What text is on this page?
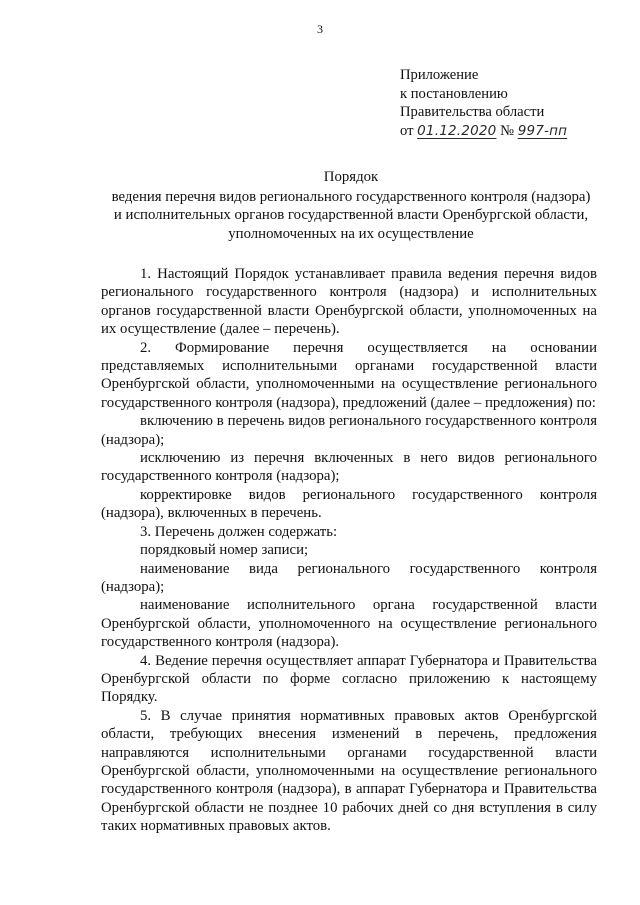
3
Приложение
к постановлению
Правительства области
от 01.12.2020 № 997-пп
Порядок
ведения перечня видов регионального государственного контроля (надзора)
и исполнительных органов государственной власти Оренбургской области,
уполномоченных на их осуществление

1. Настоящий Порядок устанавливает правила ведения перечня видов регионального государственного контроля (надзора) и исполнительных органов государственной власти Оренбургской области, уполномоченных на их осуществление (далее – перечень).

2. Формирование перечня осуществляется на основании представляемых исполнительными органами государственной власти Оренбургской области, уполномоченными на осуществление регионального государственного контроля (надзора), предложений (далее – предложения) по:

включению в перечень видов регионального государственного контроля (надзора);

исключению из перечня включенных в него видов регионального государственного контроля (надзора);

корректировке видов регионального государственного контроля (надзора), включенных в перечень.

3. Перечень должен содержать:

порядковый номер записи;

наименование вида регионального государственного контроля (надзора);

наименование исполнительного органа государственной власти Оренбургской области, уполномоченного на осуществление регионального государственного контроля (надзора).

4. Ведение перечня осуществляет аппарат Губернатора и Правительства Оренбургской области по форме согласно приложению к настоящему Порядку.

5. В случае принятия нормативных правовых актов Оренбургской области, требующих внесения изменений в перечень, предложения направляются исполнительными органами государственной власти Оренбургской области, уполномоченными на осуществление регионального государственного контроля (надзора), в аппарат Губернатора и Правительства Оренбургской области не позднее 10 рабочих дней со дня вступления в силу таких нормативных правовых актов.
